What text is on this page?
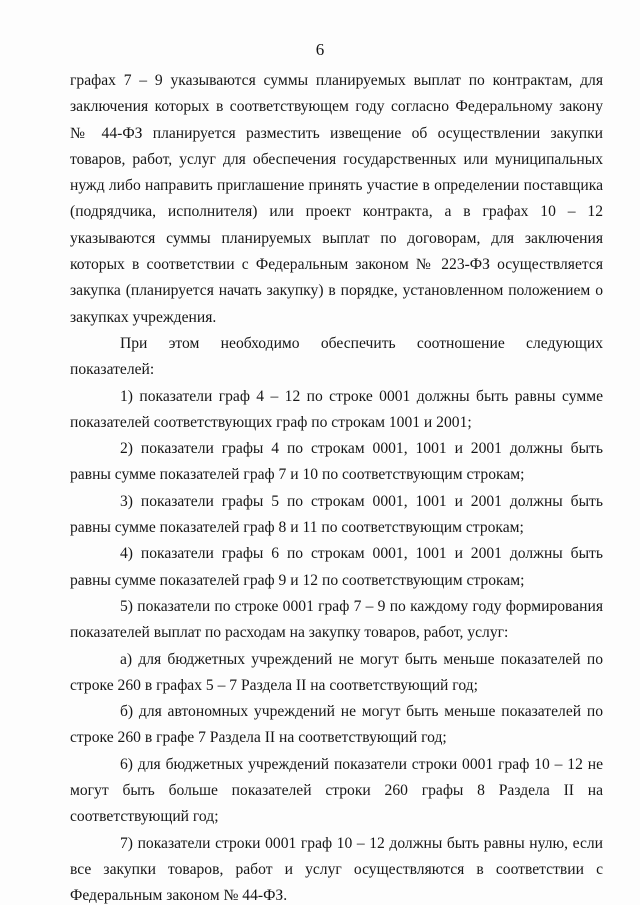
6

графах 7 – 9 указываются суммы планируемых выплат по контрактам, для заключения которых в соответствующем году согласно Федеральному закону № 44-ФЗ планируется разместить извещение об осуществлении закупки товаров, работ, услуг для обеспечения государственных или муниципальных нужд либо направить приглашение принять участие в определении поставщика (подрядчика, исполнителя) или проект контракта, а в графах 10 – 12 указываются суммы планируемых выплат по договорам, для заключения которых в соответствии с Федеральным законом № 223-ФЗ осуществляется закупка (планируется начать закупку) в порядке, установленном положением о закупках учреждения.

При этом необходимо обеспечить соотношение следующих показателей:

1) показатели граф 4 – 12 по строке 0001 должны быть равны сумме показателей соответствующих граф по строкам 1001 и 2001;

2) показатели графы 4 по строкам 0001, 1001 и 2001 должны быть равны сумме показателей граф 7 и 10 по соответствующим строкам;

3) показатели графы 5 по строкам 0001, 1001 и 2001 должны быть равны сумме показателей граф 8 и 11 по соответствующим строкам;

4) показатели графы 6 по строкам 0001, 1001 и 2001 должны быть равны сумме показателей граф 9 и 12 по соответствующим строкам;

5) показатели по строке 0001 граф 7 – 9 по каждому году формирования показателей выплат по расходам на закупку товаров, работ, услуг:

а) для бюджетных учреждений не могут быть меньше показателей по строке 260 в графах 5 – 7 Раздела II на соответствующий год;

б) для автономных учреждений не могут быть меньше показателей по строке 260 в графе 7 Раздела II на соответствующий год;

6) для бюджетных учреждений показатели строки 0001 граф 10 – 12 не могут быть больше показателей строки 260 графы 8 Раздела II на соответствующий год;

7) показатели строки 0001 граф 10 – 12 должны быть равны нулю, если все закупки товаров, работ и услуг осуществляются в соответствии с Федеральным законом № 44-ФЗ.
